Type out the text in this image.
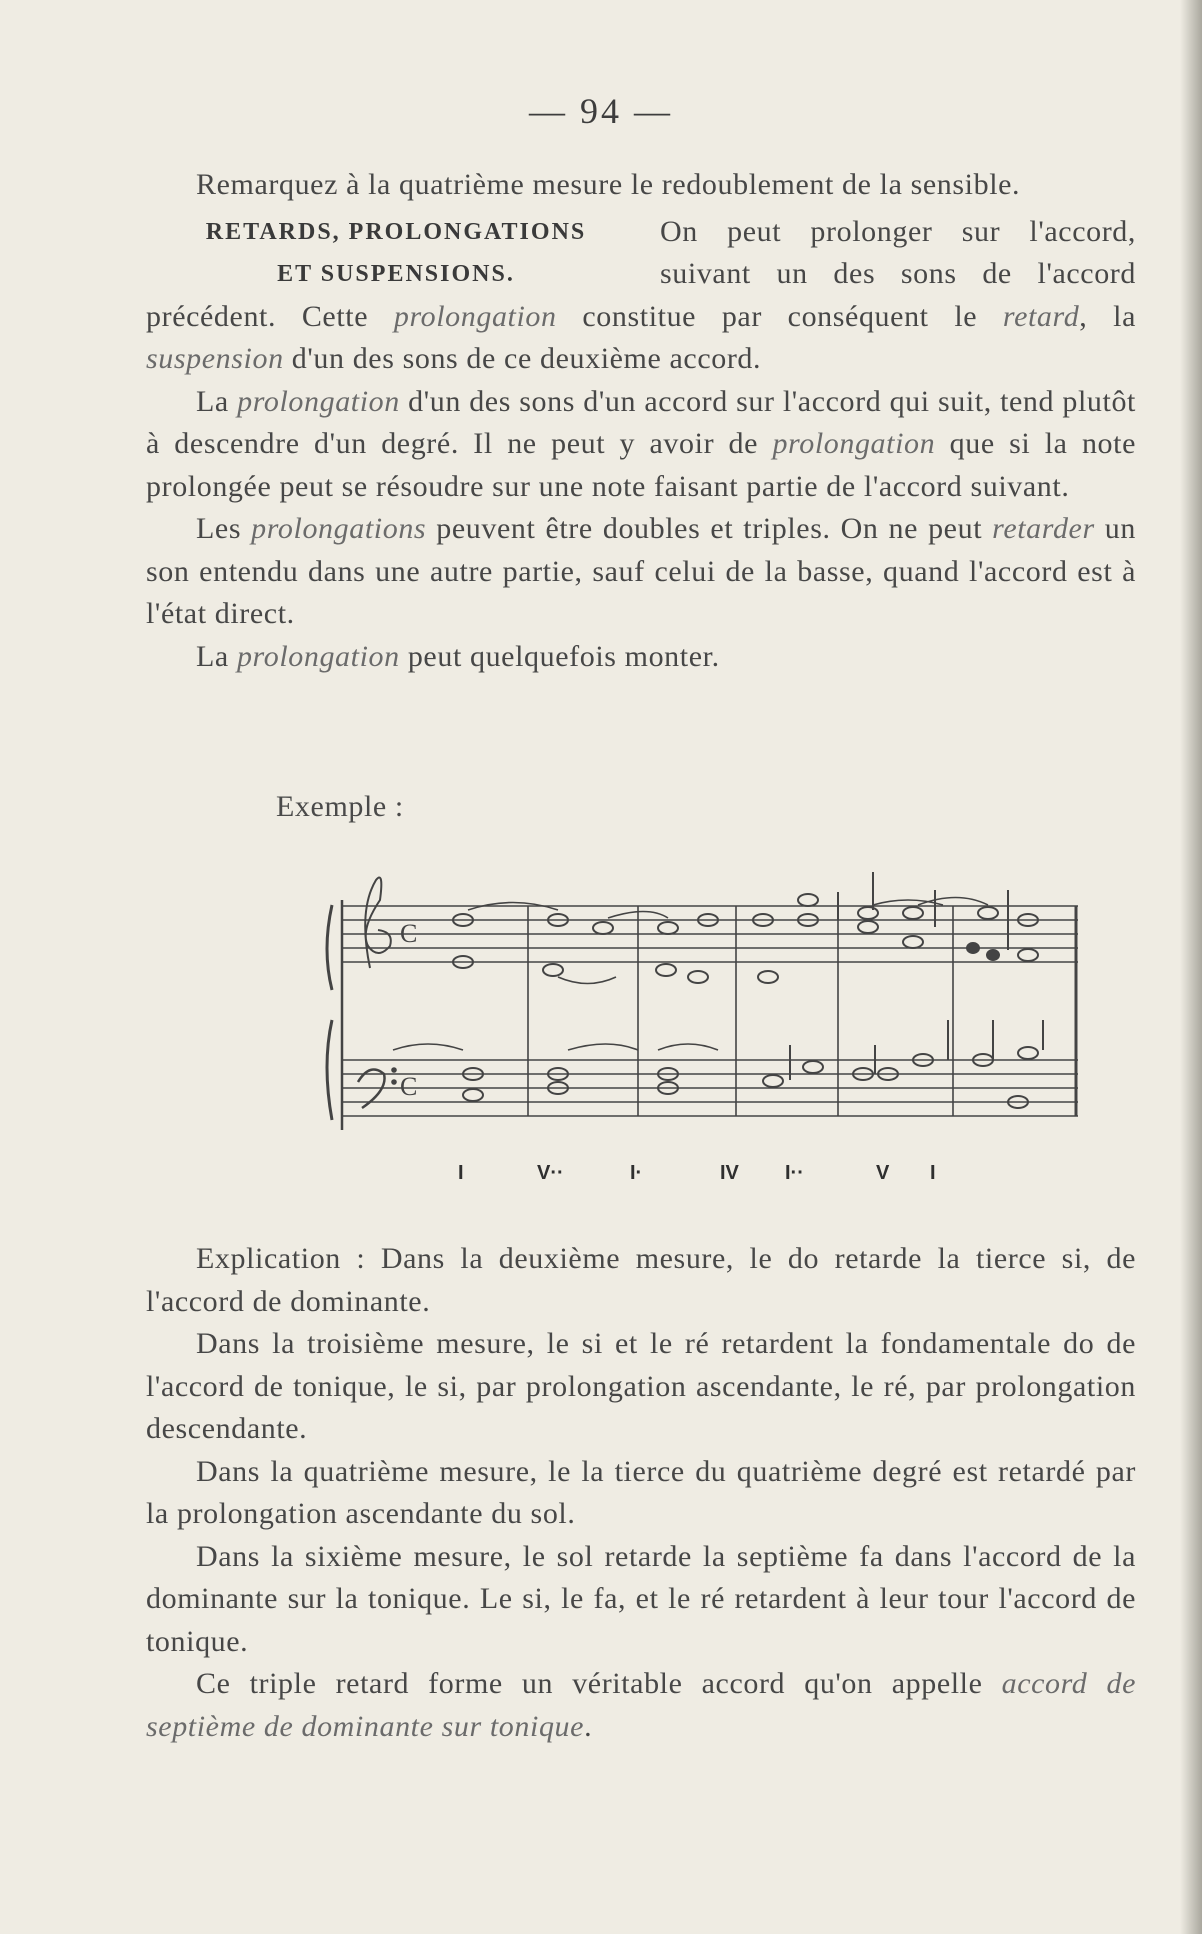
— 94 —

Remarquez à la quatrième mesure le redoublement de la sensible.

RETARDS, PROLONGATIONS
ET SUSPENSIONS.
On peut prolonger sur l'accord, suivant un des sons de l'accord précédent. Cette prolongation constitue par conséquent le retard, la suspension d'un des sons de ce deuxième accord.

La prolongation d'un des sons d'un accord sur l'accord qui suit, tend plutôt à descendre d'un degré. Il ne peut y avoir de prolongation que si la note prolongée peut se résoudre sur une note faisant partie de l'accord suivant.

Les prolongations peuvent être doubles et triples. On ne peut retarder un son entendu dans une autre partie, sauf celui de la basse, quand l'accord est à l'état direct.

La prolongation peut quelquefois monter.

Exemple :
C
C
I	V··	I·	IV I··	V I

Explication : Dans la deuxième mesure, le do retarde la tierce si, de l'accord de dominante.

Dans la troisième mesure, le si et le ré retardent la fondamentale do de l'accord de tonique, le si, par prolongation ascendante, le ré, par prolongation descendante.

Dans la quatrième mesure, le la tierce du quatrième degré est retardé par la prolongation ascendante du sol.

Dans la sixième mesure, le sol retarde la septième fa dans l'accord de la dominante sur la tonique. Le si, le fa, et le ré retardent à leur tour l'accord de tonique.

Ce triple retard forme un véritable accord qu'on appelle accord de septième de dominante sur tonique.
